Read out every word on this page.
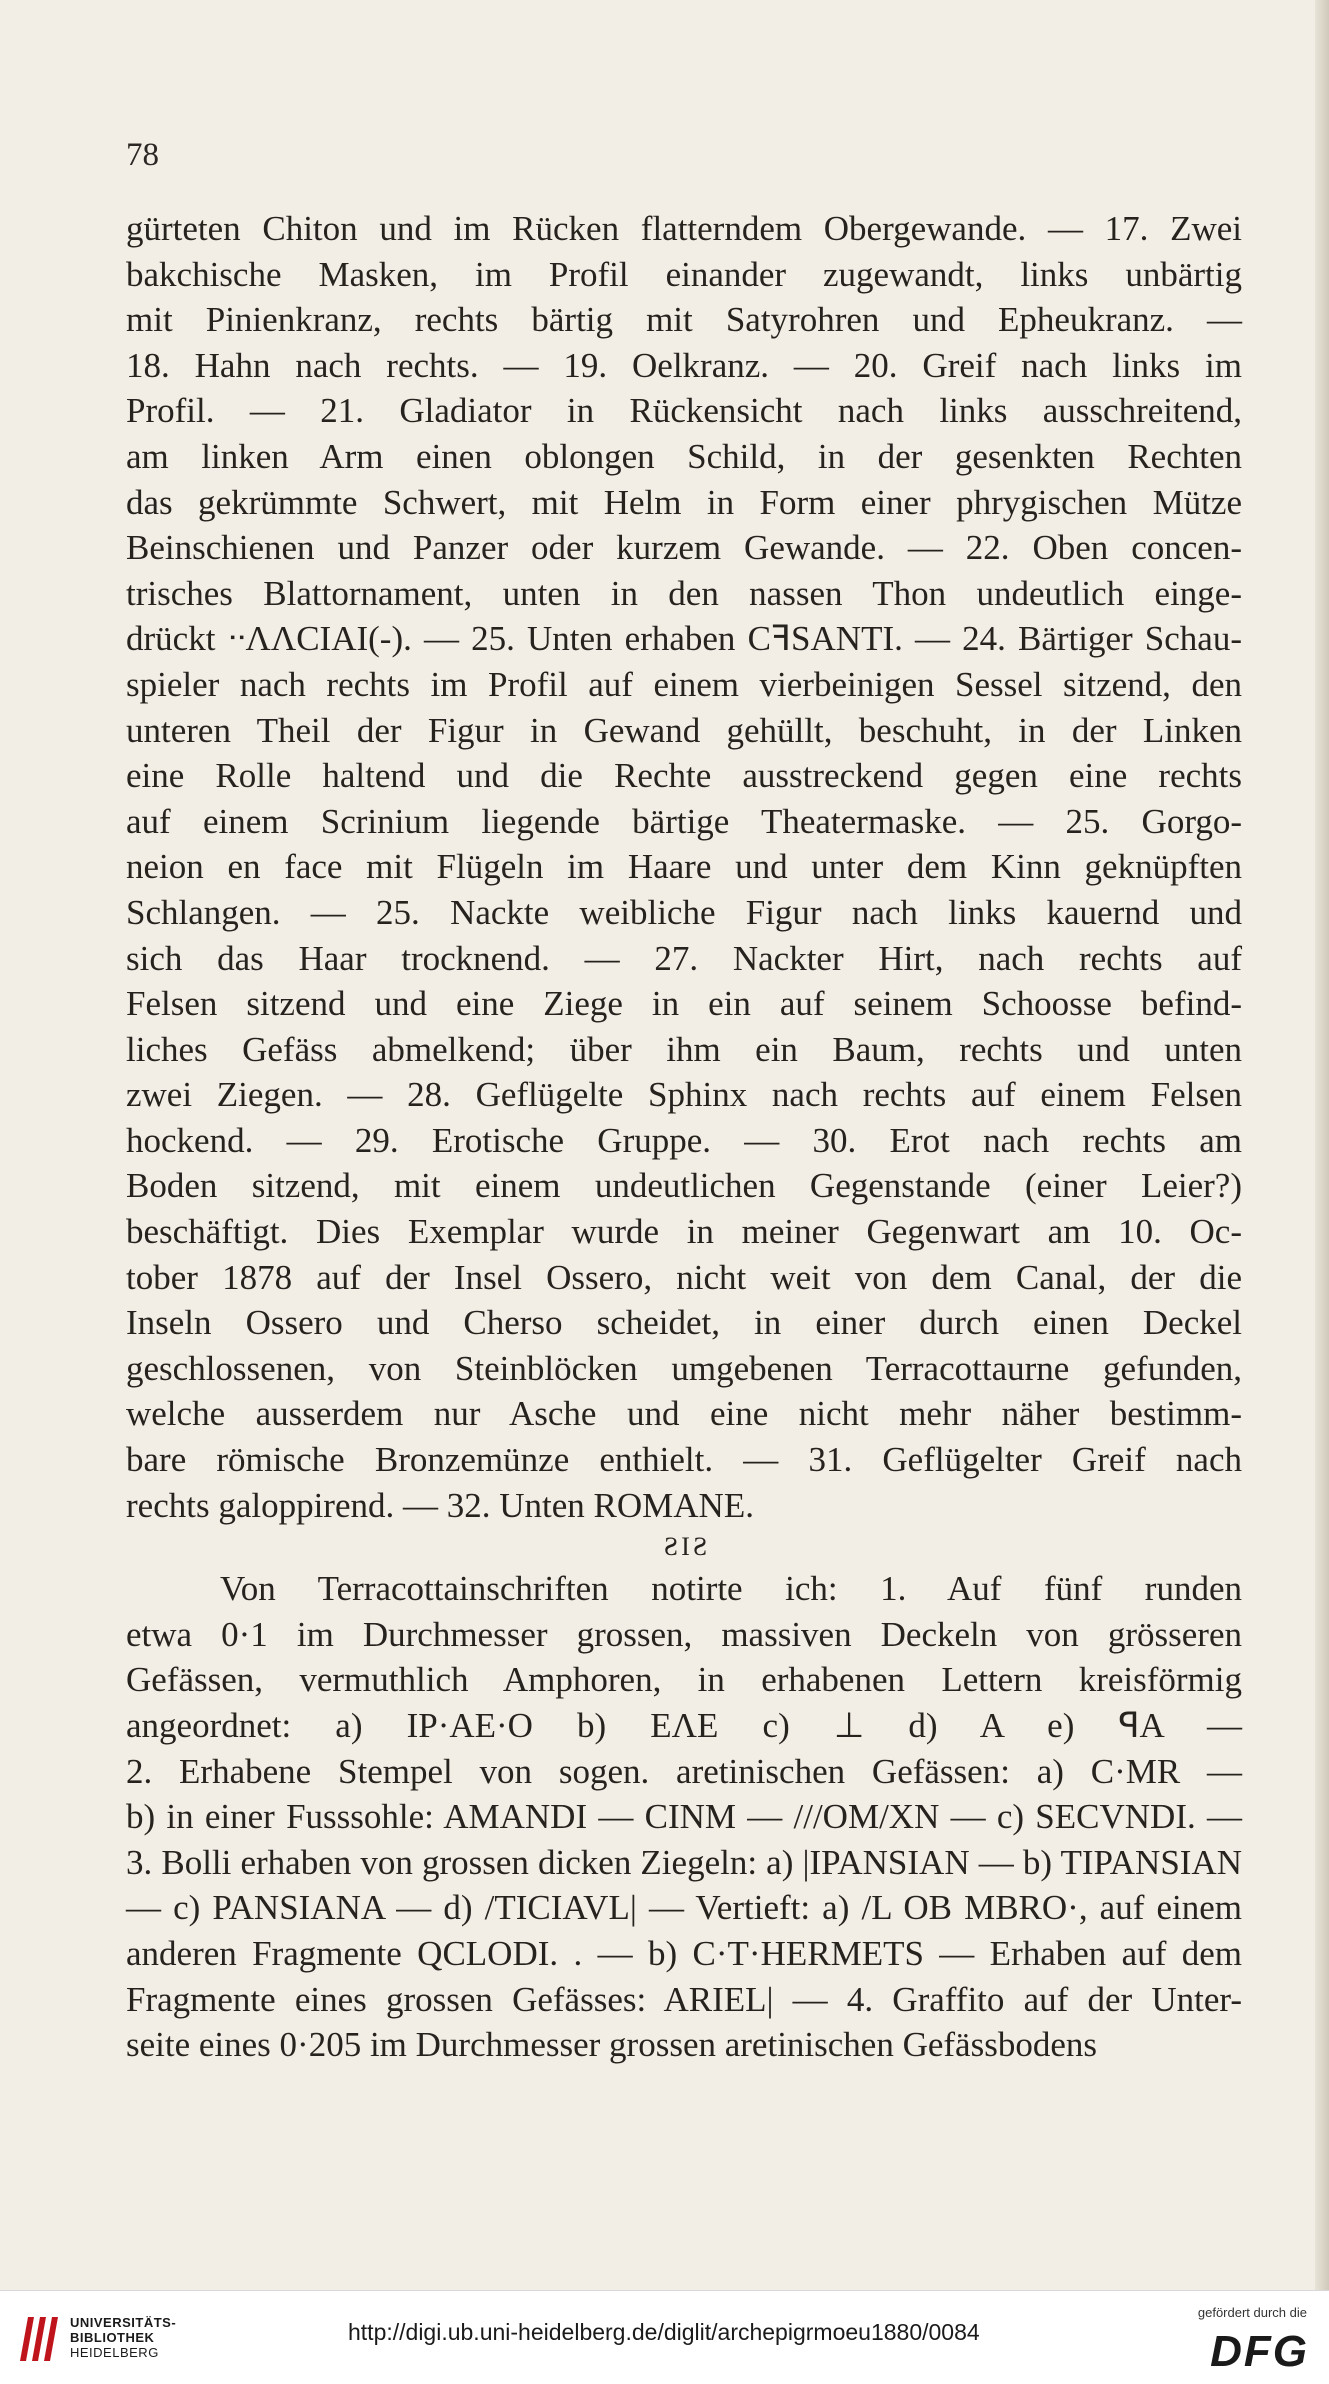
78

gürteten Chiton und im Rücken flatterndem Obergewande. — 17. Zwei
bakchische Masken, im Profil einander zugewandt, links unbärtig
mit Pinienkranz, rechts bärtig mit Satyrohren und Epheukranz. —
18. Hahn nach rechts. — 19. Oelkranz. — 20. Greif nach links im
Profil. — 21. Gladiator in Rückensicht nach links ausschreitend,
am linken Arm einen oblongen Schild, in der gesenkten Rechten
das gekrümmte Schwert, mit Helm in Form einer phrygischen Mütze
Beinschienen und Panzer oder kurzem Gewande. — 22. Oben concen-
trisches Blattornament, unten in den nassen Thon undeutlich einge-
drückt ᐧᐧΛΛCIAI(-). — 25. Unten erhaben CꟻSANTI. — 24. Bärtiger Schau-
spieler nach rechts im Profil auf einem vierbeinigen Sessel sitzend, den
unteren Theil der Figur in Gewand gehüllt, beschuht, in der Linken
eine Rolle haltend und die Rechte ausstreckend gegen eine rechts
auf einem Scrinium liegende bärtige Theatermaske. — 25. Gorgo-
neion en face mit Flügeln im Haare und unter dem Kinn geknüpften
Schlangen. — 25. Nackte weibliche Figur nach links kauernd und
sich das Haar trocknend. — 27. Nackter Hirt, nach rechts auf
Felsen sitzend und eine Ziege in ein auf seinem Schoosse befind-
liches Gefäss abmelkend; über ihm ein Baum, rechts und unten
zwei Ziegen. — 28. Geflügelte Sphinx nach rechts auf einem Felsen
hockend. — 29. Erotische Gruppe. — 30. Erot nach rechts am
Boden sitzend, mit einem undeutlichen Gegenstande (einer Leier?)
beschäftigt. Dies Exemplar wurde in meiner Gegenwart am 10. Oc-
tober 1878 auf der Insel Ossero, nicht weit von dem Canal, der die
Inseln Ossero und Cherso scheidet, in einer durch einen Deckel
geschlossenen, von Steinblöcken umgebenen Terracottaurne gefunden,
welche ausserdem nur Asche und eine nicht mehr näher bestimm-
bare römische Bronzemünze enthielt. — 31. Geflügelter Greif nach
rechts galoppirend. — 32. Unten ROMANE.
SIS
Von Terracottainschriften notirte ich: 1. Auf fünf runden
etwa 0·1 im Durchmesser grossen, massiven Deckeln von grösseren
Gefässen, vermuthlich Amphoren, in erhabenen Lettern kreisförmig
angeordnet: a) IP·AE·O b) EΛE c) ⊥ d) A e) ꟼA —
2. Erhabene Stempel von sogen. aretinischen Gefässen: a) C·MR —
b) in einer Fusssohle: AMANDI — CINM — ///OM/XN — c) SECVNDI. —
3. Bolli erhaben von grossen dicken Ziegeln: a) |IPANSIAN — b) TIPANSIAN
— c) PANSIANA — d) /TICIAVL| — Vertieft: a) /L OB MBRO·, auf einem
anderen Fragmente QCLODI. . — b) C·T·HERMETS — Erhaben auf dem
Fragmente eines grossen Gefässes: ARIEL| — 4. Graffito auf der Unter-
seite eines 0·205 im Durchmesser grossen aretinischen Gefässbodens
UNIVERSITÄTS-
BIBLIOTHEK
HEIDELBERG
http://digi.ub.uni-heidelberg.de/diglit/archepigrmoeu1880/0084
gefördert durch die
DFG
